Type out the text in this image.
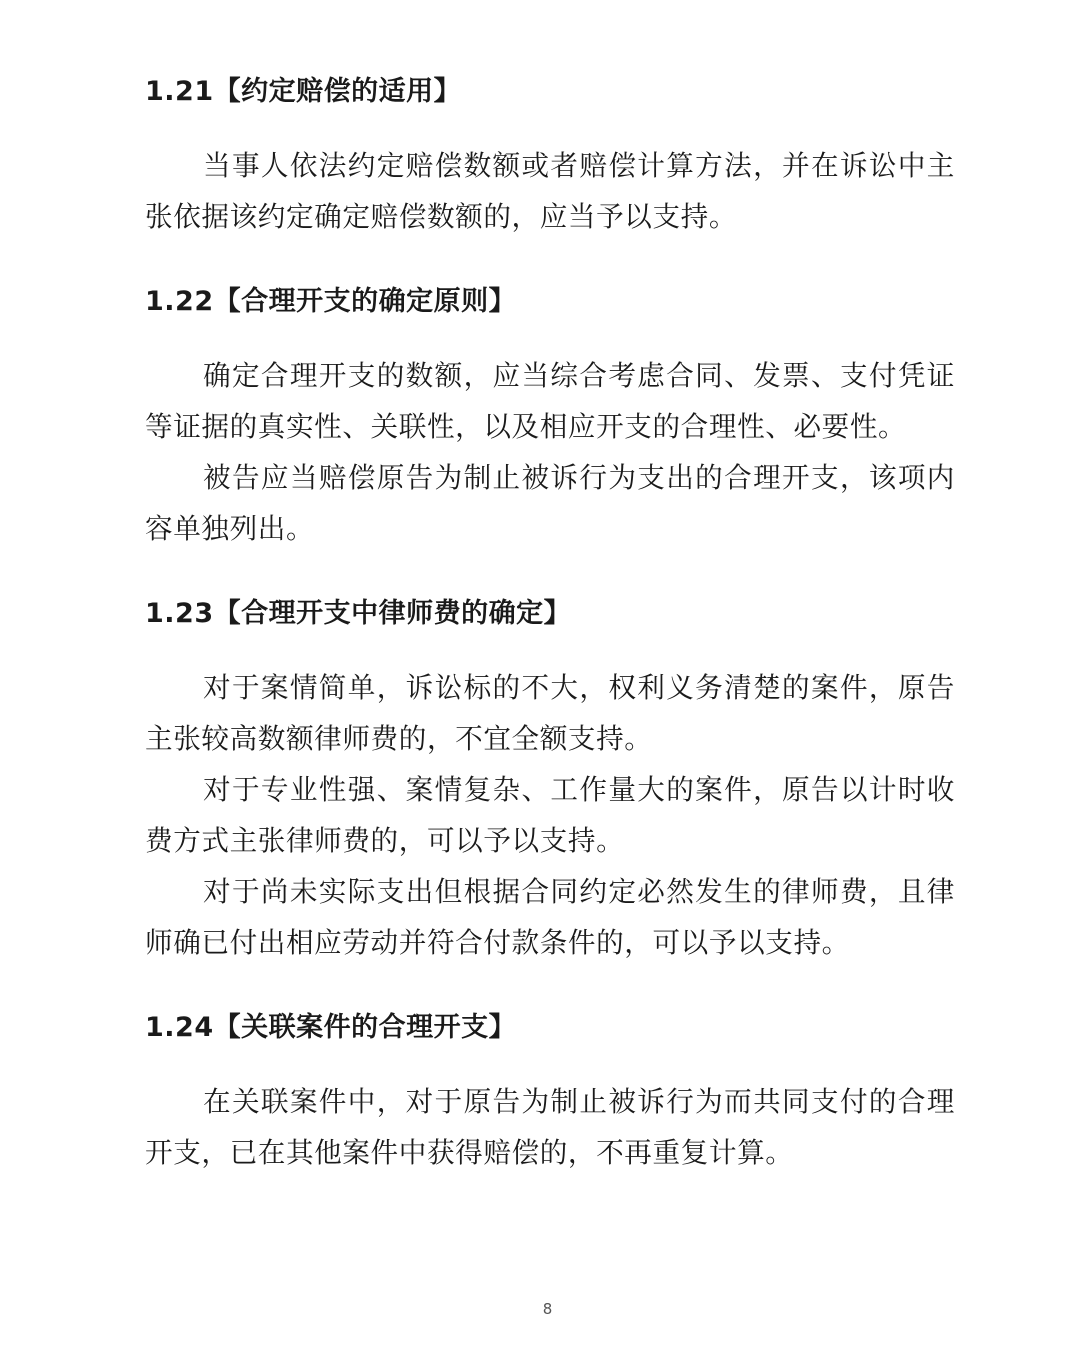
1.21【约定赔偿的适用】

当事人依法约定赔偿数额或者赔偿计算方法，并在诉讼中主张依据该约定确定赔偿数额的，应当予以支持。

1.22【合理开支的确定原则】

确定合理开支的数额，应当综合考虑合同、发票、支付凭证等证据的真实性、关联性，以及相应开支的合理性、必要性。

被告应当赔偿原告为制止被诉行为支出的合理开支，该项内容单独列出。

1.23【合理开支中律师费的确定】

对于案情简单，诉讼标的不大，权利义务清楚的案件，原告主张较高数额律师费的，不宜全额支持。

对于专业性强、案情复杂、工作量大的案件，原告以计时收费方式主张律师费的，可以予以支持。

对于尚未实际支出但根据合同约定必然发生的律师费，且律师确已付出相应劳动并符合付款条件的，可以予以支持。

1.24【关联案件的合理开支】

在关联案件中，对于原告为制止被诉行为而共同支付的合理开支，已在其他案件中获得赔偿的，不再重复计算。

8
